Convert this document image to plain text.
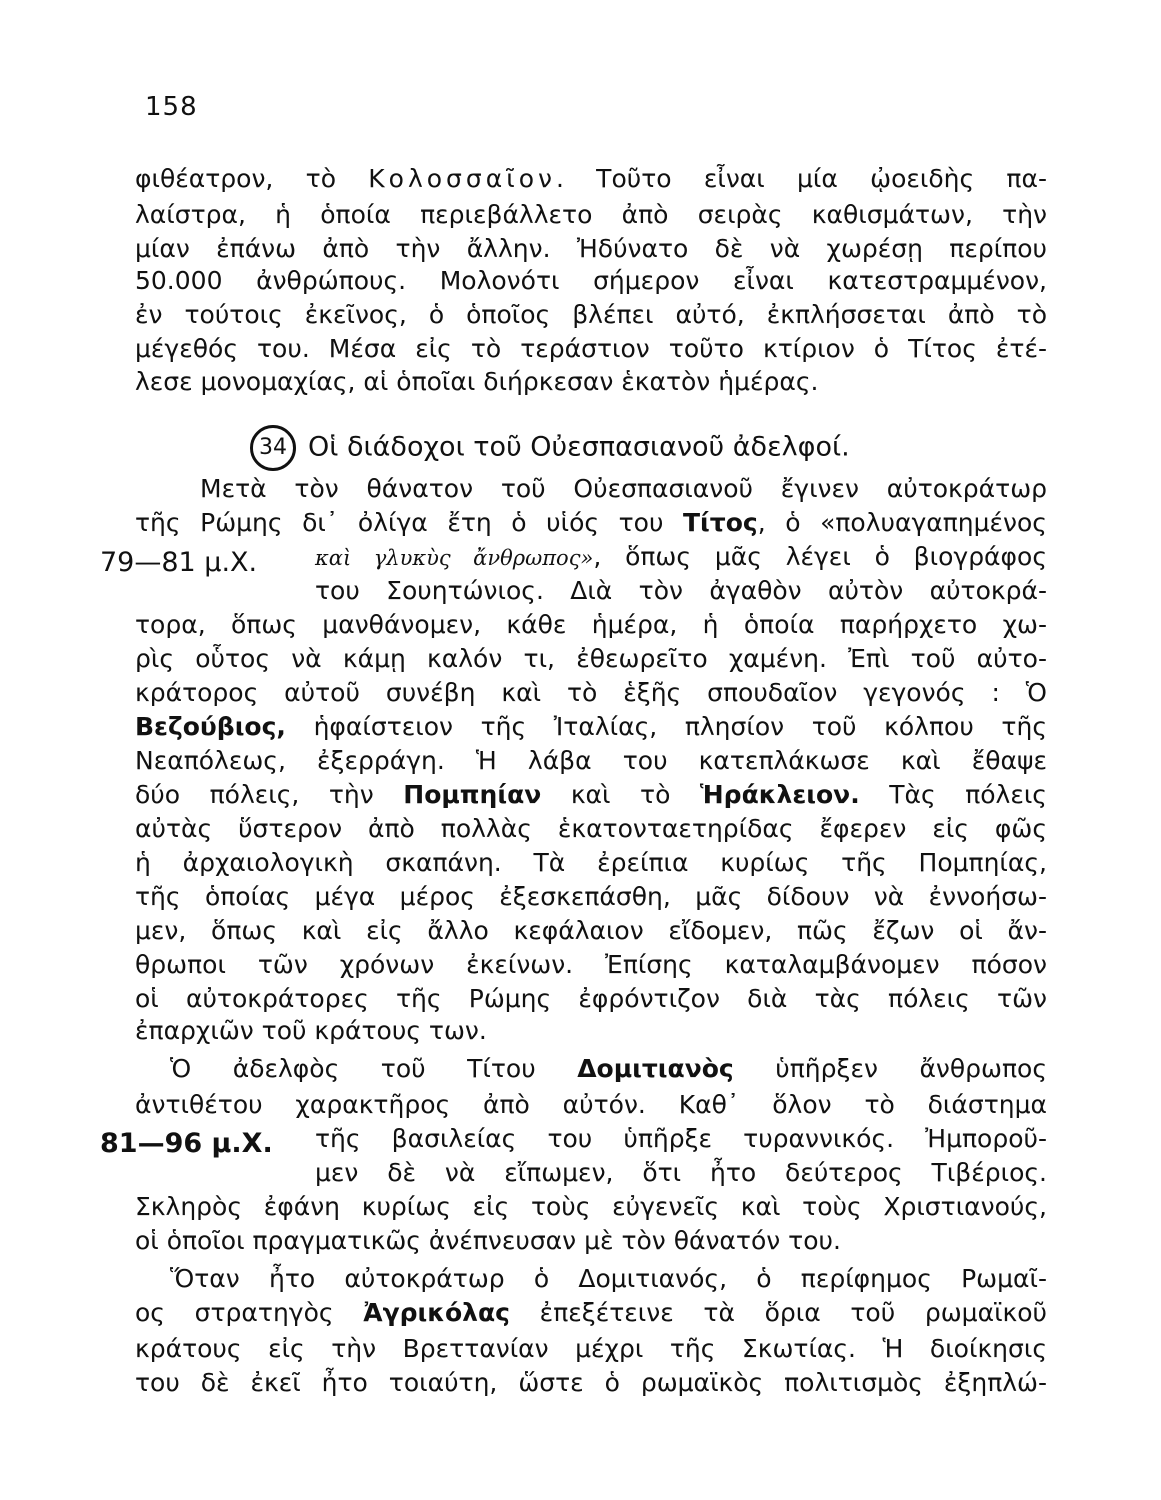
158
φιθέατρον, τὸ Κολοσσαῖον. Τοῦτο εἶναι μία ᾠοειδὴς πα-
λαίστρα, ἡ ὁποία περιεβάλλετο ἀπὸ σειρὰς καθισμάτων, τὴν
μίαν ἐπάνω ἀπὸ τὴν ἄλλην. Ἠδύνατο δὲ νὰ χωρέσῃ περίπου
50.000 ἀνθρώπους. Μολονότι σήμερον εἶναι κατεστραμμένον,
ἐν τούτοις ἐκεῖνος, ὁ ὁποῖος βλέπει αὐτό, ἐκπλήσσεται ἀπὸ τὸ
μέγεθός του. Μέσα εἰς τὸ τεράστιον τοῦτο κτίριον ὁ Τίτος ἐτέ-
λεσε μονομαχίας, αἱ ὁποῖαι διήρκεσαν ἑκατὸν ἡμέρας.
34 Οἱ διάδοχοι τοῦ Οὐεσπασιανοῦ ἀδελφοί.
Μετὰ τὸν θάνατον τοῦ Οὐεσπασιανοῦ ἔγινεν αὐτοκράτωρ
τῆς Ρώμης δι᾽ ὀλίγα ἔτη ὁ υἱός του Τίτος, ὁ «πολυαγαπημένος
79—81 μ.Χ.	καὶ γλυκὺς ἄνθρωπος», ὅπως μᾶς λέγει ὁ βιογράφος
του Σουητώνιος. Διὰ τὸν ἀγαθὸν αὐτὸν αὐτοκρά-
τορα, ὅπως μανθάνομεν, κάθε ἡμέρα, ἡ ὁποία παρήρχετο χω-
ρὶς οὗτος νὰ κάμῃ καλόν τι, ἐθεωρεῖτο χαμένη. Ἐπὶ τοῦ αὐτο-
κράτορος αὐτοῦ συνέβη καὶ τὸ ἑξῆς σπουδαῖον γεγονός : Ὁ
Βεζούβιος, ἡφαίστειον τῆς Ἰταλίας, πλησίον τοῦ κόλπου τῆς
Νεαπόλεως, ἐξερράγη. Ἡ λάβα του κατεπλάκωσε καὶ ἔθαψε
δύο πόλεις, τὴν Πομπηίαν καὶ τὸ Ἡράκλειον. Τὰς πόλεις
αὐτὰς ὕστερον ἀπὸ πολλὰς ἑκατονταετηρίδας ἔφερεν εἰς φῶς
ἡ ἀρχαιολογικὴ σκαπάνη. Τὰ ἐρείπια κυρίως τῆς Πομπηίας,
τῆς ὁποίας μέγα μέρος ἐξεσκεπάσθη, μᾶς δίδουν νὰ ἐννοήσω-
μεν, ὅπως καὶ εἰς ἄλλο κεφάλαιον εἴδομεν, πῶς ἔζων οἱ ἄν-
θρωποι τῶν χρόνων ἐκείνων. Ἐπίσης καταλαμβάνομεν πόσον
οἱ αὐτοκράτορες τῆς Ρώμης ἐφρόντιζον διὰ τὰς πόλεις τῶν
ἐπαρχιῶν τοῦ κράτους των.
Ὁ ἀδελφὸς τοῦ Τίτου Δομιτιανὸς ὑπῆρξεν ἄνθρωπος
ἀντιθέτου χαρακτῆρος ἀπὸ αὐτόν. Καθ᾽ ὅλον τὸ διάστημα
81—96 μ.Χ. τῆς βασιλείας του ὑπῆρξε τυραννικός. Ἠμποροῦ-
μεν δὲ νὰ εἴπωμεν, ὅτι ἦτο δεύτερος Τιβέριος.
Σκληρὸς ἐφάνη κυρίως εἰς τοὺς εὐγενεῖς καὶ τοὺς Χριστιανούς,
οἱ ὁποῖοι πραγματικῶς ἀνέπνευσαν μὲ τὸν θάνατόν του.
Ὅταν ἦτο αὐτοκράτωρ ὁ Δομιτιανός, ὁ περίφημος Ρωμαῖ-
ος στρατηγὸς Ἀγρικόλας ἐπεξέτεινε τὰ ὅρια τοῦ ρωμαϊκοῦ
κράτους εἰς τὴν Βρεττανίαν μέχρι τῆς Σκωτίας. Ἡ διοίκησις
του δὲ ἐκεῖ ἦτο τοιαύτη, ὥστε ὁ ρωμαϊκὸς πολιτισμὸς ἐξηπλώ-
